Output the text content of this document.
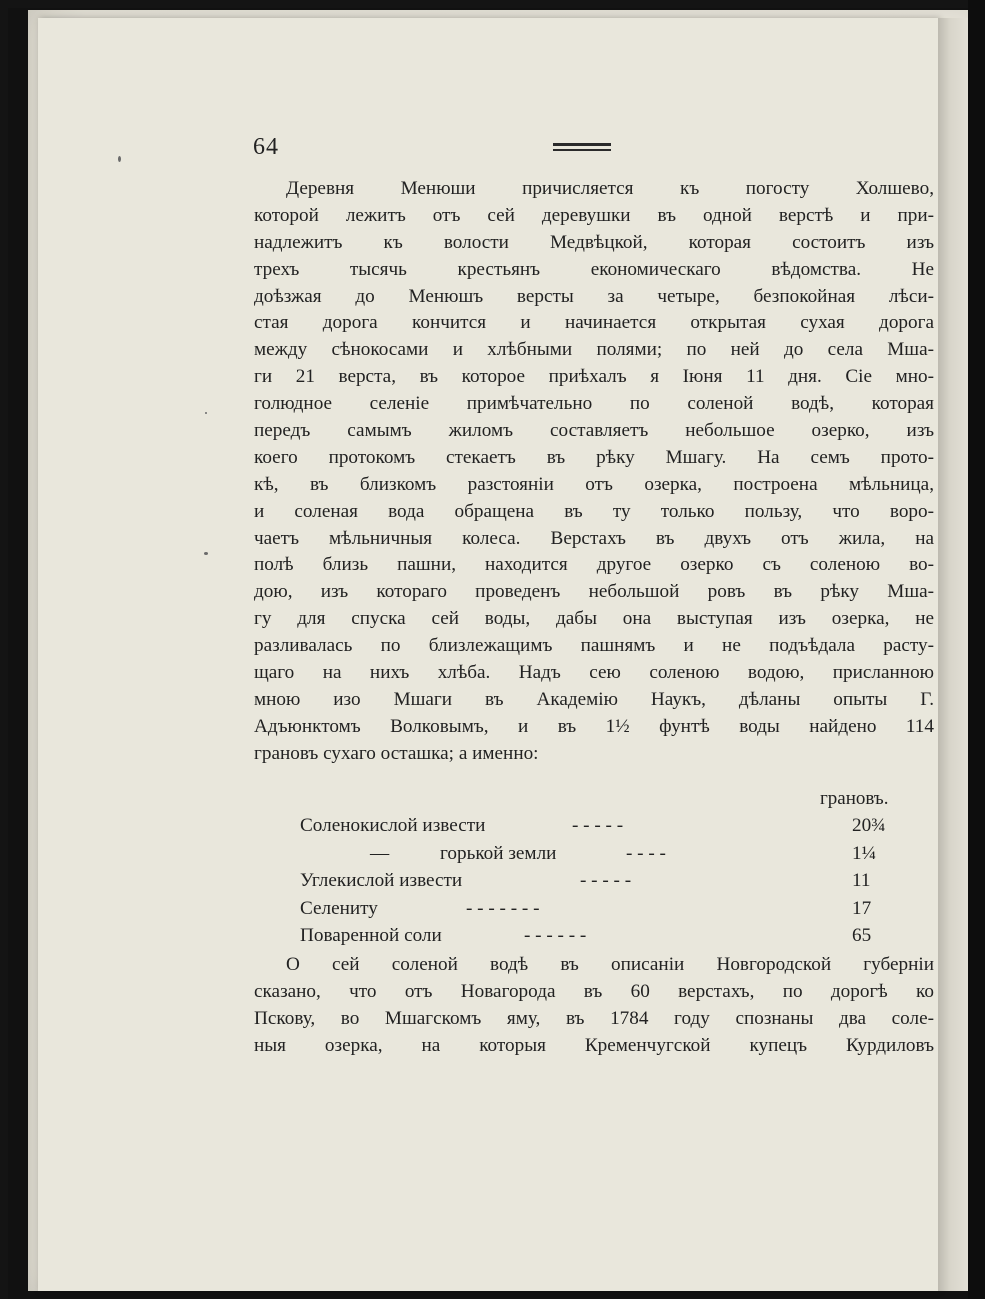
64
Деревня Менюши причисляется къ погосту Холшево,
которой лежитъ отъ сей деревушки въ одной верстѣ и при-
надлежитъ къ волости Медвѣцкой, которая состоитъ изъ
трехъ тысячь крестьянъ економическаго вѣдомства. Не
доѣзжая до Менюшъ версты за четыре, безпокойная лѣси-
стая дорога кончится и начинается открытая сухая дорога
между сѣнокосами и хлѣбными полями; по ней до села Мша-
ги 21 верста, въ которое приѣхалъ я Іюня 11 дня. Сіе мно-
голюдное селеніе примѣчательно по соленой водѣ, которая
передъ самымъ жиломъ составляетъ небольшое озерко, изъ
коего протокомъ стекаетъ въ рѣку Мшагу. На семъ прото-
кѣ, въ близкомъ разстояніи отъ озерка, построена мѣльница,
и соленая вода обращена въ ту только пользу, что воро-
чаетъ мѣльничныя колеса. Верстахъ въ двухъ отъ жила, на
полѣ близь пашни, находится другое озерко съ соленою во-
дою, изъ котораго проведенъ небольшой ровъ въ рѣку Мша-
гу для спуска сей воды, дабы она выступая изъ озерка, не
разливалась по близлежащимъ пашнямъ и не подъѣдала расту-
щаго на нихъ хлѣба. Надъ сею соленою водою, присланною
мною изо Мшаги въ Академію Наукъ, дѣланы опыты Г.
Адъюнктомъ Волковымъ, и въ 1½ фунтѣ воды найдено 114
грановъ сухаго осташка; а именно:
грановъ.
Соленокислой извести	- - - - -	20¾
—	горькой земли	- - - -	1¼
Углекислой извести	- - - - -	11
Селениту	- - - - - - -	17
Поваренной соли	- - - - - -	65
О сей соленой водѣ въ описаніи Новгородской губерніи
сказано, что отъ Новагорода въ 60 верстахъ, по дорогѣ ко
Пскову, во Мшагскомъ яму, въ 1784 году спознаны два соле-
ныя озерка, на которыя Кременчугской купецъ Курдиловъ
